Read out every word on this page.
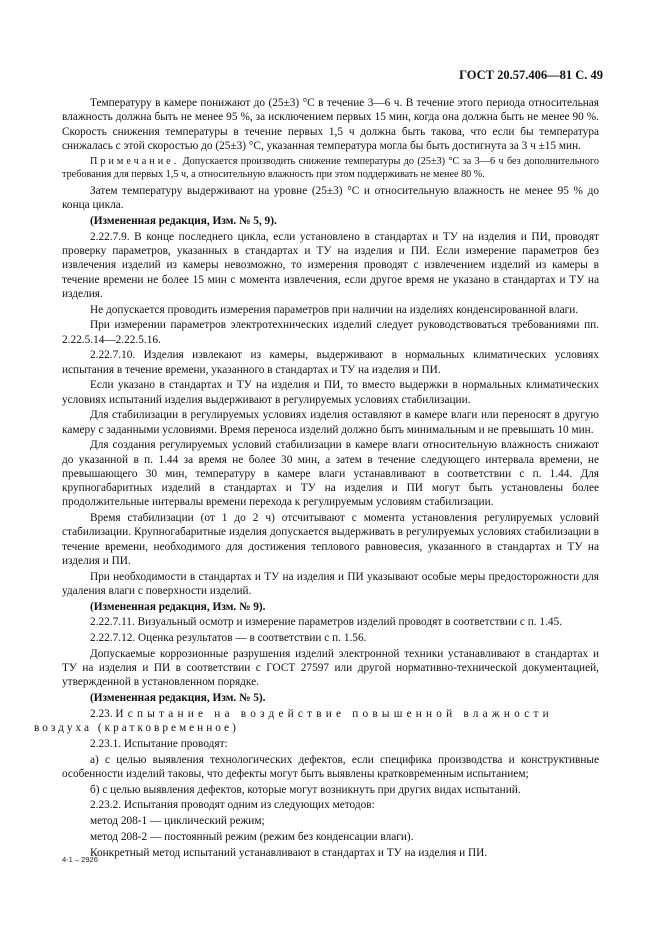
ГОСТ 20.57.406—81 С. 49

Температуру в камере понижают до (25±3) °С в течение 3—6 ч. В течение этого периода относительная влажность должна быть не менее 95 %, за исключением первых 15 мин, когда она должна быть не менее 90 %. Скорость снижения температуры в течение первых 1,5 ч должна быть такова, что если бы температура снижалась с этой скоростью до (25±3) °С, указанная температура могла бы быть достигнута за 3 ч ±15 мин.

Примечание. Допускается производить снижение температуры до (25±3) °С за 3—6 ч без дополнительного требования для первых 1,5 ч, а относительную влажность при этом поддерживать не менее 80 %.

Затем температуру выдерживают на уровне (25±3) °С и относительную влажность не менее 95 % до конца цикла.

(Измененная редакция, Изм. № 5, 9).

2.22.7.9. В конце последнего цикла, если установлено в стандартах и ТУ на изделия и ПИ, проводят проверку параметров, указанных в стандартах и ТУ на изделия и ПИ. Если измерение параметров без извлечения изделий из камеры невозможно, то измерения проводят с извлечением изделий из камеры в течение времени не более 15 мин с момента извлечения, если другое время не указано в стандартах и ТУ на изделия.

Не допускается проводить измерения параметров при наличии на изделиях конденсированной влаги.

При измерении параметров электротехнических изделий следует руководствоваться требованиями пп. 2.22.5.14—2.22.5.16.

2.22.7.10. Изделия извлекают из камеры, выдерживают в нормальных климатических условиях испытания в течение времени, указанного в стандартах и ТУ на изделия и ПИ.

Если указано в стандартах и ТУ на изделия и ПИ, то вместо выдержки в нормальных климатических условиях испытаний изделия выдерживают в регулируемых условиях стабилизации.

Для стабилизации в регулируемых условиях изделия оставляют в камере влаги или переносят в другую камеру с заданными условиями. Время переноса изделий должно быть минимальным и не превышать 10 мин.

Для создания регулируемых условий стабилизации в камере влаги относительную влажность снижают до указанной в п. 1.44 за время не более 30 мин, а затем в течение следующего интервала времени, не превышающего 30 мин, температуру в камере влаги устанавливают в соответствии с п. 1.44. Для крупногабаритных изделий в стандартах и ТУ на изделия и ПИ могут быть установлены более продолжительные интервалы времени перехода к регулируемым условиям стабилизации.

Время стабилизации (от 1 до 2 ч) отсчитывают с момента установления регулируемых условий стабилизации. Крупногабаритные изделия допускается выдерживать в регулируемых условиях стабилизации в течение времени, необходимого для достижения теплового равновесия, указанного в стандартах и ТУ на изделия и ПИ.

При необходимости в стандартах и ТУ на изделия и ПИ указывают особые меры предосторожности для удаления влаги с поверхности изделий.

(Измененная редакция, Изм. № 9).

2.22.7.11. Визуальный осмотр и измерение параметров изделий проводят в соответствии с п. 1.45.

2.22.7.12. Оценка результатов — в соответствии с п. 1.56.

Допускаемые коррозионные разрушения изделий электронной техники устанавливают в стандартах и ТУ на изделия и ПИ в соответствии с ГОСТ 27597 или другой нормативно-технической документацией, утвержденной в установленном порядке.

(Измененная редакция, Изм. № 5).

2.23. Испытание на воздействие повышенной влажности
воздуха (кратковременное)

2.23.1. Испытание проводят:

а) с целью выявления технологических дефектов, если специфика производства и конструктивные особенности изделий таковы, что дефекты могут быть выявлены кратковременным испытанием;

б) с целью выявления дефектов, которые могут возникнуть при других видах испытаний.

2.23.2. Испытания проводят одним из следующих методов:

метод 208-1 — циклический режим;

метод 208-2 — постоянный режим (режим без конденсации влаги).

Конкретный метод испытаний устанавливают в стандартах и ТУ на изделия и ПИ.

4-1 – 2926
